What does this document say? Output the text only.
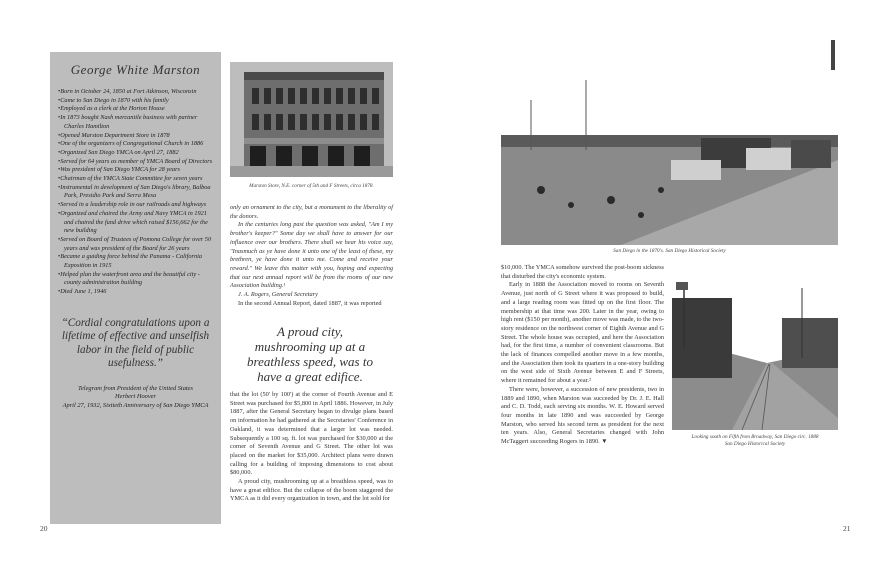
George White Marston
• Born in October 24, 1850 at Fort Atkinson, Wisconsin
• Came to San Diego in 1870 with his family
• Employed as a clerk at the Horton House
• In 1873 bought Nash mercantile business with partner Charles Hamilton
• Opened Marston Department Store in 1878
• One of the organizers of Congregational Church in 1886
• Organized San Diego YMCA on April 27, 1882
• Served for 64 years as member of YMCA Board of Directors
• Was president of San Diego YMCA for 28 years
• Chairman of the YMCA State Committee for seven years
• Instrumental in development of San Diego's library, Balboa Park, Presidio Park and Serra Mesa
• Served in a leadership role in our railroads and highways
• Organized and chaired the Army and Navy YMCA in 1921 and chaired the fund drive which raised $156,662 for the new building
• Served on Board of Trustees of Pomona College for over 50 years and was president of the Board for 26 years
• Became a guiding force behind the Panama - California Exposition in 1915
• Helped plan the waterfront area and the beautiful city - county administration building
• Died June 1, 1946
“Cordial congratulations upon a lifetime of effective and unselfish labor in the field of public usefulness.”
Telegram from President of the United States
Herbert Hoover
April 27, 1932, Sixtieth Anniversary of San Diego YMCA
Marston Store, N.E. corner of 5th and F Streets, circa 1878.

only an ornament to the city, but a monument to the liberality of the donors.

In the centuries long past the question was asked, "Am I my brother's keeper?" Some day we shall have to answer for our influence over our brothers. There shall we hear his voice say, "Inasmuch as ye have done it unto one of the least of these, my brethren, ye have done it unto me. Come and receive your reward." We leave this matter with you, hoping and expecting that our next annual report will be from the rooms of our new Association building.¹

J. A. Rogers, General Secretary

In the second Annual Report, dated 1887, it was reported

A proud city, mushrooming up at a breathless speed, was to have a great edifice.

that the lot (50' by 100') at the corner of Fourth Avenue and E Street was purchased for $5,800 in April 1886. However, in July 1887, after the General Secretary began to divulge plans based on information he had gathered at the Secretaries' Conference in Oakland, it was determined that a larger lot was needed. Subsequently a 100 sq. ft. lot was purchased for $30,000 at the corner of Seventh Avenue and G Street. The other lot was placed on the market for $35,000. Architect plans were drawn calling for a building of imposing dimensions to cost about $80,000.

A proud city, mushrooming up at a breathless speed, was to have a great edifice. But the collapse of the boom staggered the YMCA as it did every organization in town, and the lot sold for

20
San Diego in the 1870's. San Diego Historical Society

$10,000. The YMCA somehow survived the post-boom sickness that disturbed the city's economic system.

Early in 1888 the Association moved to rooms on Seventh Avenue, just north of G Street where it was proposed to build, and a large reading room was fitted up on the first floor. The membership at that time was 200. Later in the year, owing to high rent ($150 per month), another move was made, to the two-story residence on the northwest corner of Eighth Avenue and G Street. The whole house was occupied, and here the Association had, for the first time, a number of convenient classrooms. But the lack of finances compelled another move in a few months, and the Association then took its quarters in a one-story building on the west side of Sixth Avenue between E and F Streets, where it remained for about a year.²

There were, however, a succession of new presidents, two in 1889 and 1890, when Marston was succeeded by Dr. J. E. Hall and C. D. Todd, each serving six months. W. E. Howard served four months in late 1890 and was succeeded by George Marston, who served his second term as president for the next ten years. Also, General Secretaries changed with John McTaggert succeeding Rogers in 1890. ▼

Looking south on Fifth from Broadway, San Diego circ. 1888
San Diego Historical Society
21
